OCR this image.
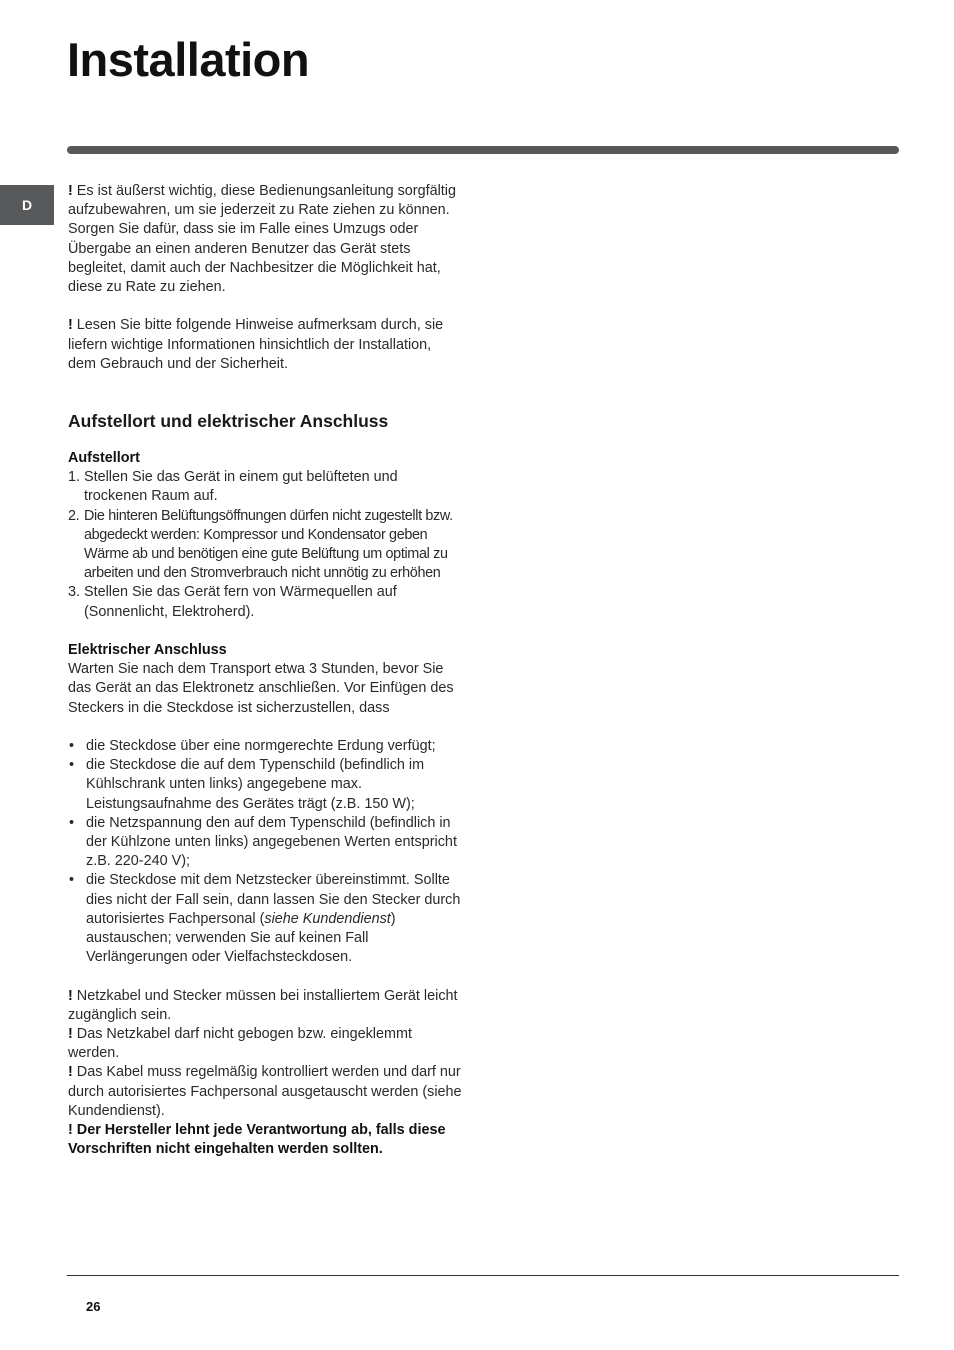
Installation
D

! Es ist äußerst wichtig, diese Bedienungsanleitung sorgfältig aufzubewahren, um sie jederzeit zu Rate ziehen zu können. Sorgen Sie dafür, dass sie im Falle eines Umzugs oder Übergabe an einen anderen Benutzer das Gerät stets begleitet, damit auch der Nachbesitzer die Möglichkeit hat, diese zu Rate zu ziehen.

! Lesen Sie bitte folgende Hinweise aufmerksam durch, sie liefern wichtige Informationen hinsichtlich der Installation, dem Gebrauch und der Sicherheit.

Aufstellort und elektrischer Anschluss
Aufstellort
1. Stellen Sie das Gerät in einem gut belüfteten und trockenen Raum auf.
2. Die hinteren Belüftungsöffnungen dürfen nicht zugestellt bzw. abgedeckt werden: Kompressor und Kondensator geben Wärme ab und benötigen eine gute Belüftung um optimal zu arbeiten und den Stromverbrauch nicht unnötig zu erhöhen
3. Stellen Sie das Gerät fern von Wärmequellen auf (Sonnenlicht, Elektroherd).
Elektrischer Anschluss

Warten Sie nach dem Transport etwa 3 Stunden, bevor Sie das Gerät an das Elektronetz anschließen. Vor Einfügen des Steckers in die Steckdose ist sicherzustellen, dass

• die Steckdose über eine normgerechte Erdung verfügt;
• die Steckdose die auf dem Typenschild (befindlich im Kühlschrank unten links) angegebene max. Leistungsaufnahme des Gerätes trägt (z.B. 150 W);
• die Netzspannung den auf dem Typenschild (befindlich in der Kühlzone unten links) angegebenen Werten entspricht z.B. 220-240 V);
• die Steckdose mit dem Netzstecker übereinstimmt. Sollte dies nicht der Fall sein, dann lassen Sie den Stecker durch autorisiertes Fachpersonal (siehe Kundendienst) austauschen; verwenden Sie auf keinen Fall Verlängerungen oder Vielfachsteckdosen.

! Netzkabel und Stecker müssen bei installiertem Gerät leicht zugänglich sein.

! Das Netzkabel darf nicht gebogen bzw. eingeklemmt werden.

! Das Kabel muss regelmäßig kontrolliert werden und darf nur durch autorisiertes Fachpersonal ausgetauscht werden (siehe Kundendienst).

! Der Hersteller lehnt jede Verantwortung ab, falls diese Vorschriften nicht eingehalten werden sollten.

26
